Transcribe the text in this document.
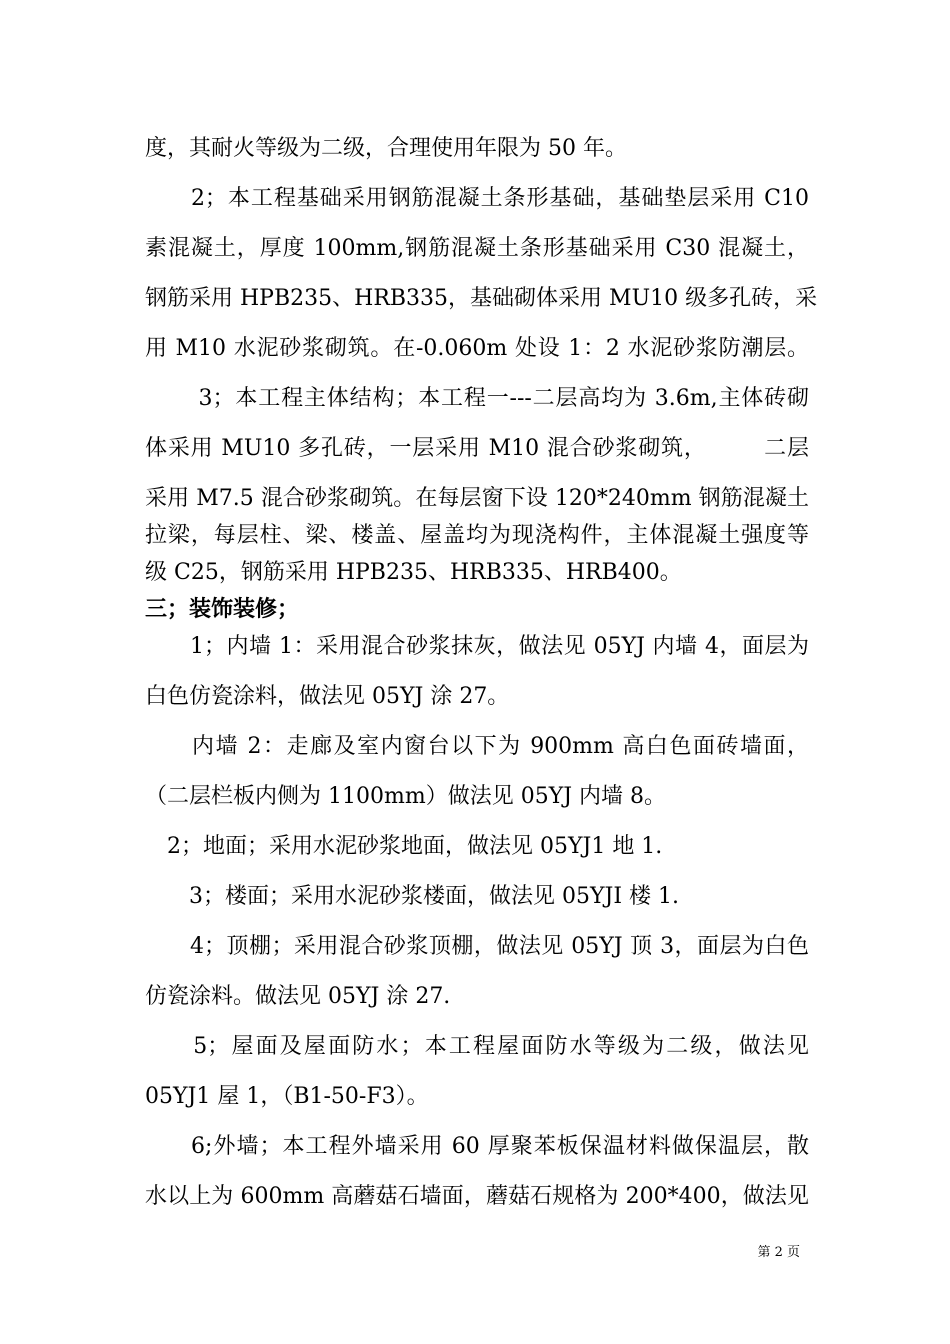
度，其耐火等级为二级，合理使用年限为 50 年。
　　2；本工程基础采用钢筋混凝土条形基础，基础垫层采用 C10
素混凝土，厚度 100mm,钢筋混凝土条形基础采用 C30 混凝土，
钢筋采用 HPB235、HRB335，基础砌体采用 MU10 级多孔砖，采
用 M10 水泥砂浆砌筑。在-0.060m 处设 1：2 水泥砂浆防潮层。
　　 3；本工程主体结构；本工程一---二层高均为 3.6m,主体砖砌
体采用 MU10 多孔砖，一层采用 M10 混合砂浆砌筑，　　　二层
采用 M7.5 混合砂浆砌筑。在每层窗下设 120*240mm 钢筋混凝土
拉梁，每层柱、梁、楼盖、屋盖均为现浇构件，主体混凝土强度等
级 C25，钢筋采用 HPB235、HRB335、HRB400。
三；装饰装修；
　　1；内墙 1：采用混合砂浆抹灰，做法见 05YJ 内墙 4，面层为
白色仿瓷涂料，做法见 05YJ 涂 27。
　　内墙 2：走廊及室内窗台以下为 900mm 高白色面砖墙面，
（二层栏板内侧为 1100mm）做法见 05YJ 内墙 8。
　2；地面；采用水泥砂浆地面，做法见 05YJ1 地 1.
　　3；楼面；采用水泥砂浆楼面，做法见 05YJI 楼 1.
　　4；顶棚；采用混合砂浆顶棚，做法见 05YJ 顶 3，面层为白色
仿瓷涂料。做法见 05YJ 涂 27.
　　5；屋面及屋面防水；本工程屋面防水等级为二级，做法见
05YJ1 屋 1，（B1-50-F3）。
　　6;外墙；本工程外墙采用 60 厚聚苯板保温材料做保温层，散
水以上为 600mm 高蘑菇石墙面，蘑菇石规格为 200*400，做法见
第 2 页
